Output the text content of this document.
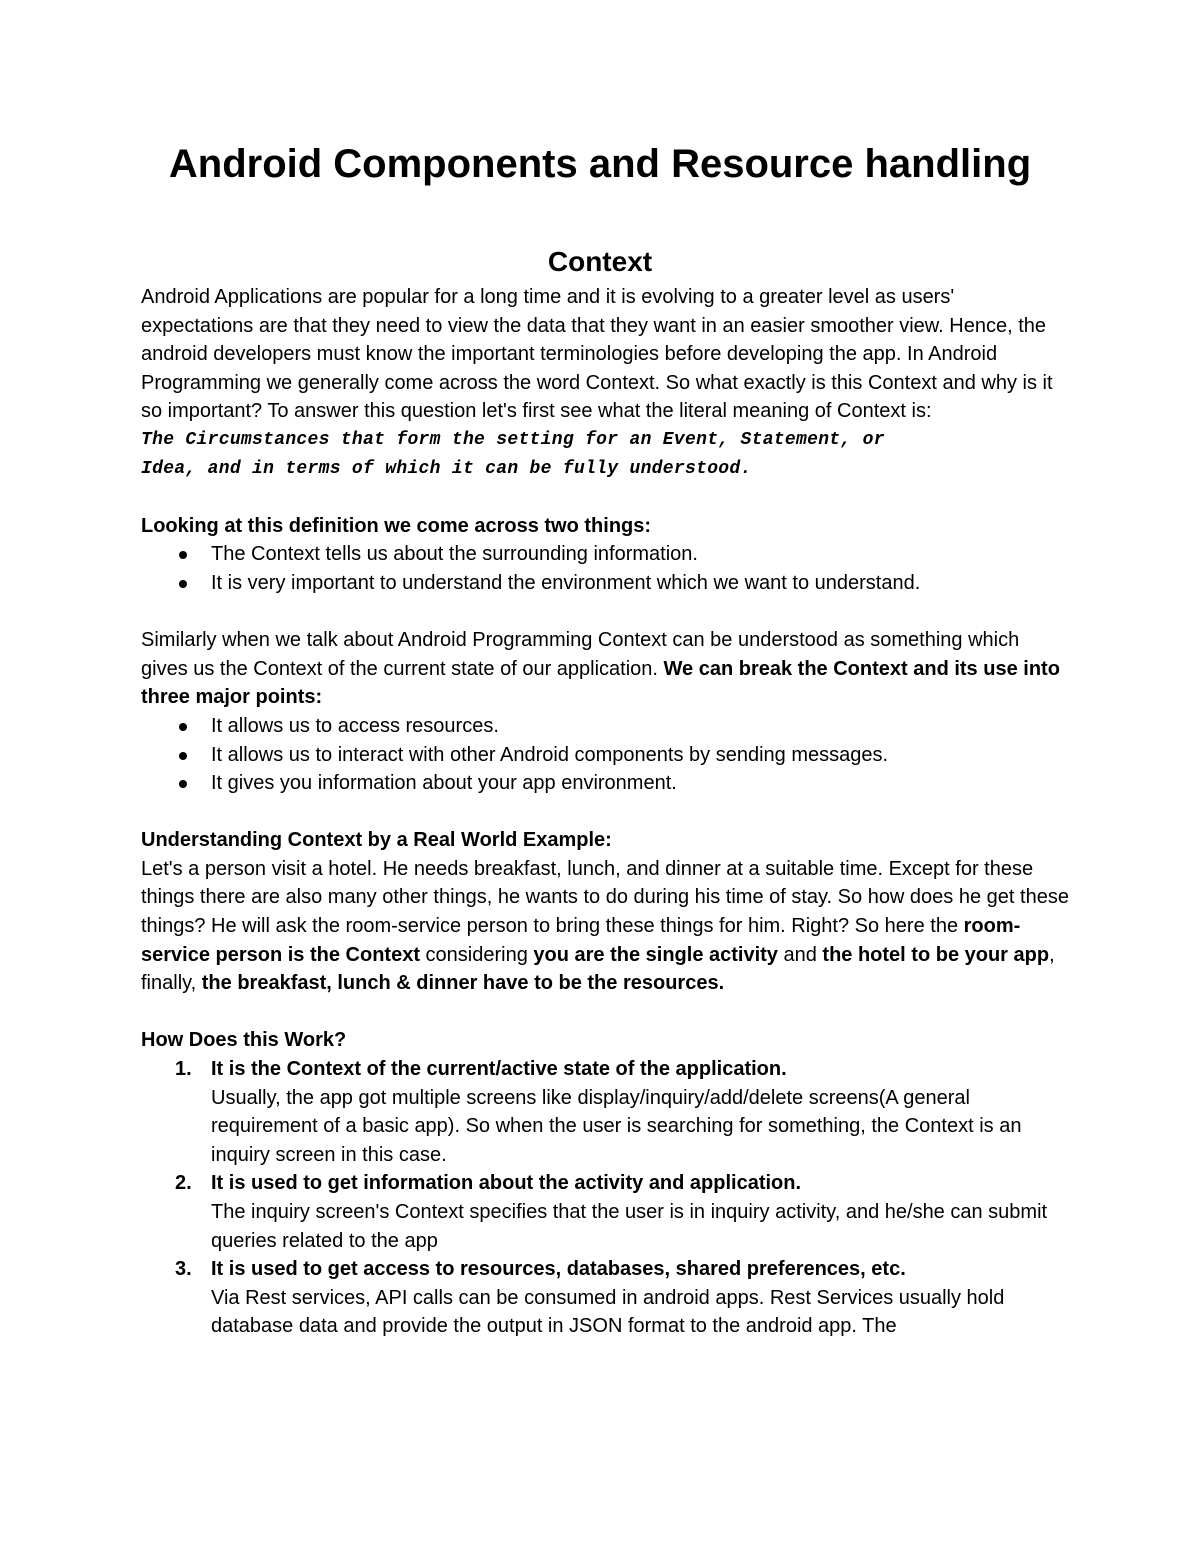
Android Components and Resource handling
Context

Android Applications are popular for a long time and it is evolving to a greater level as users' expectations are that they need to view the data that they want in an easier smoother view. Hence, the android developers must know the important terminologies before developing the app. In Android Programming we generally come across the word Context. So what exactly is this Context and why is it so important? To answer this question let's first see what the literal meaning of Context is:

The Circumstances that form the setting for an Event, Statement, or

Idea, and in terms of which it can be fully understood.

Looking at this definition we come across two things:

The Context tells us about the surrounding information.
It is very important to understand the environment which we want to understand.

Similarly when we talk about Android Programming Context can be understood as something which gives us the Context of the current state of our application. We can break the Context and its use into three major points:

It allows us to access resources.
It allows us to interact with other Android components by sending messages.
It gives you information about your app environment.

Understanding Context by a Real World Example:

Let's a person visit a hotel. He needs breakfast, lunch, and dinner at a suitable time. Except for these things there are also many other things, he wants to do during his time of stay. So how does he get these things? He will ask the room-service person to bring these things for him. Right? So here the room-service person is the Context considering you are the single activity and the hotel to be your app, finally, the breakfast, lunch & dinner have to be the resources.

How Does this Work?

1. It is the Context of the current/active state of the application.
Usually, the app got multiple screens like display/inquiry/add/delete screens(A general requirement of a basic app). So when the user is searching for something, the Context is an inquiry screen in this case.
2. It is used to get information about the activity and application.
The inquiry screen's Context specifies that the user is in inquiry activity, and he/she can submit queries related to the app
3. It is used to get access to resources, databases, shared preferences, etc.
Via Rest services, API calls can be consumed in android apps. Rest Services usually hold database data and provide the output in JSON format to the android app. The
